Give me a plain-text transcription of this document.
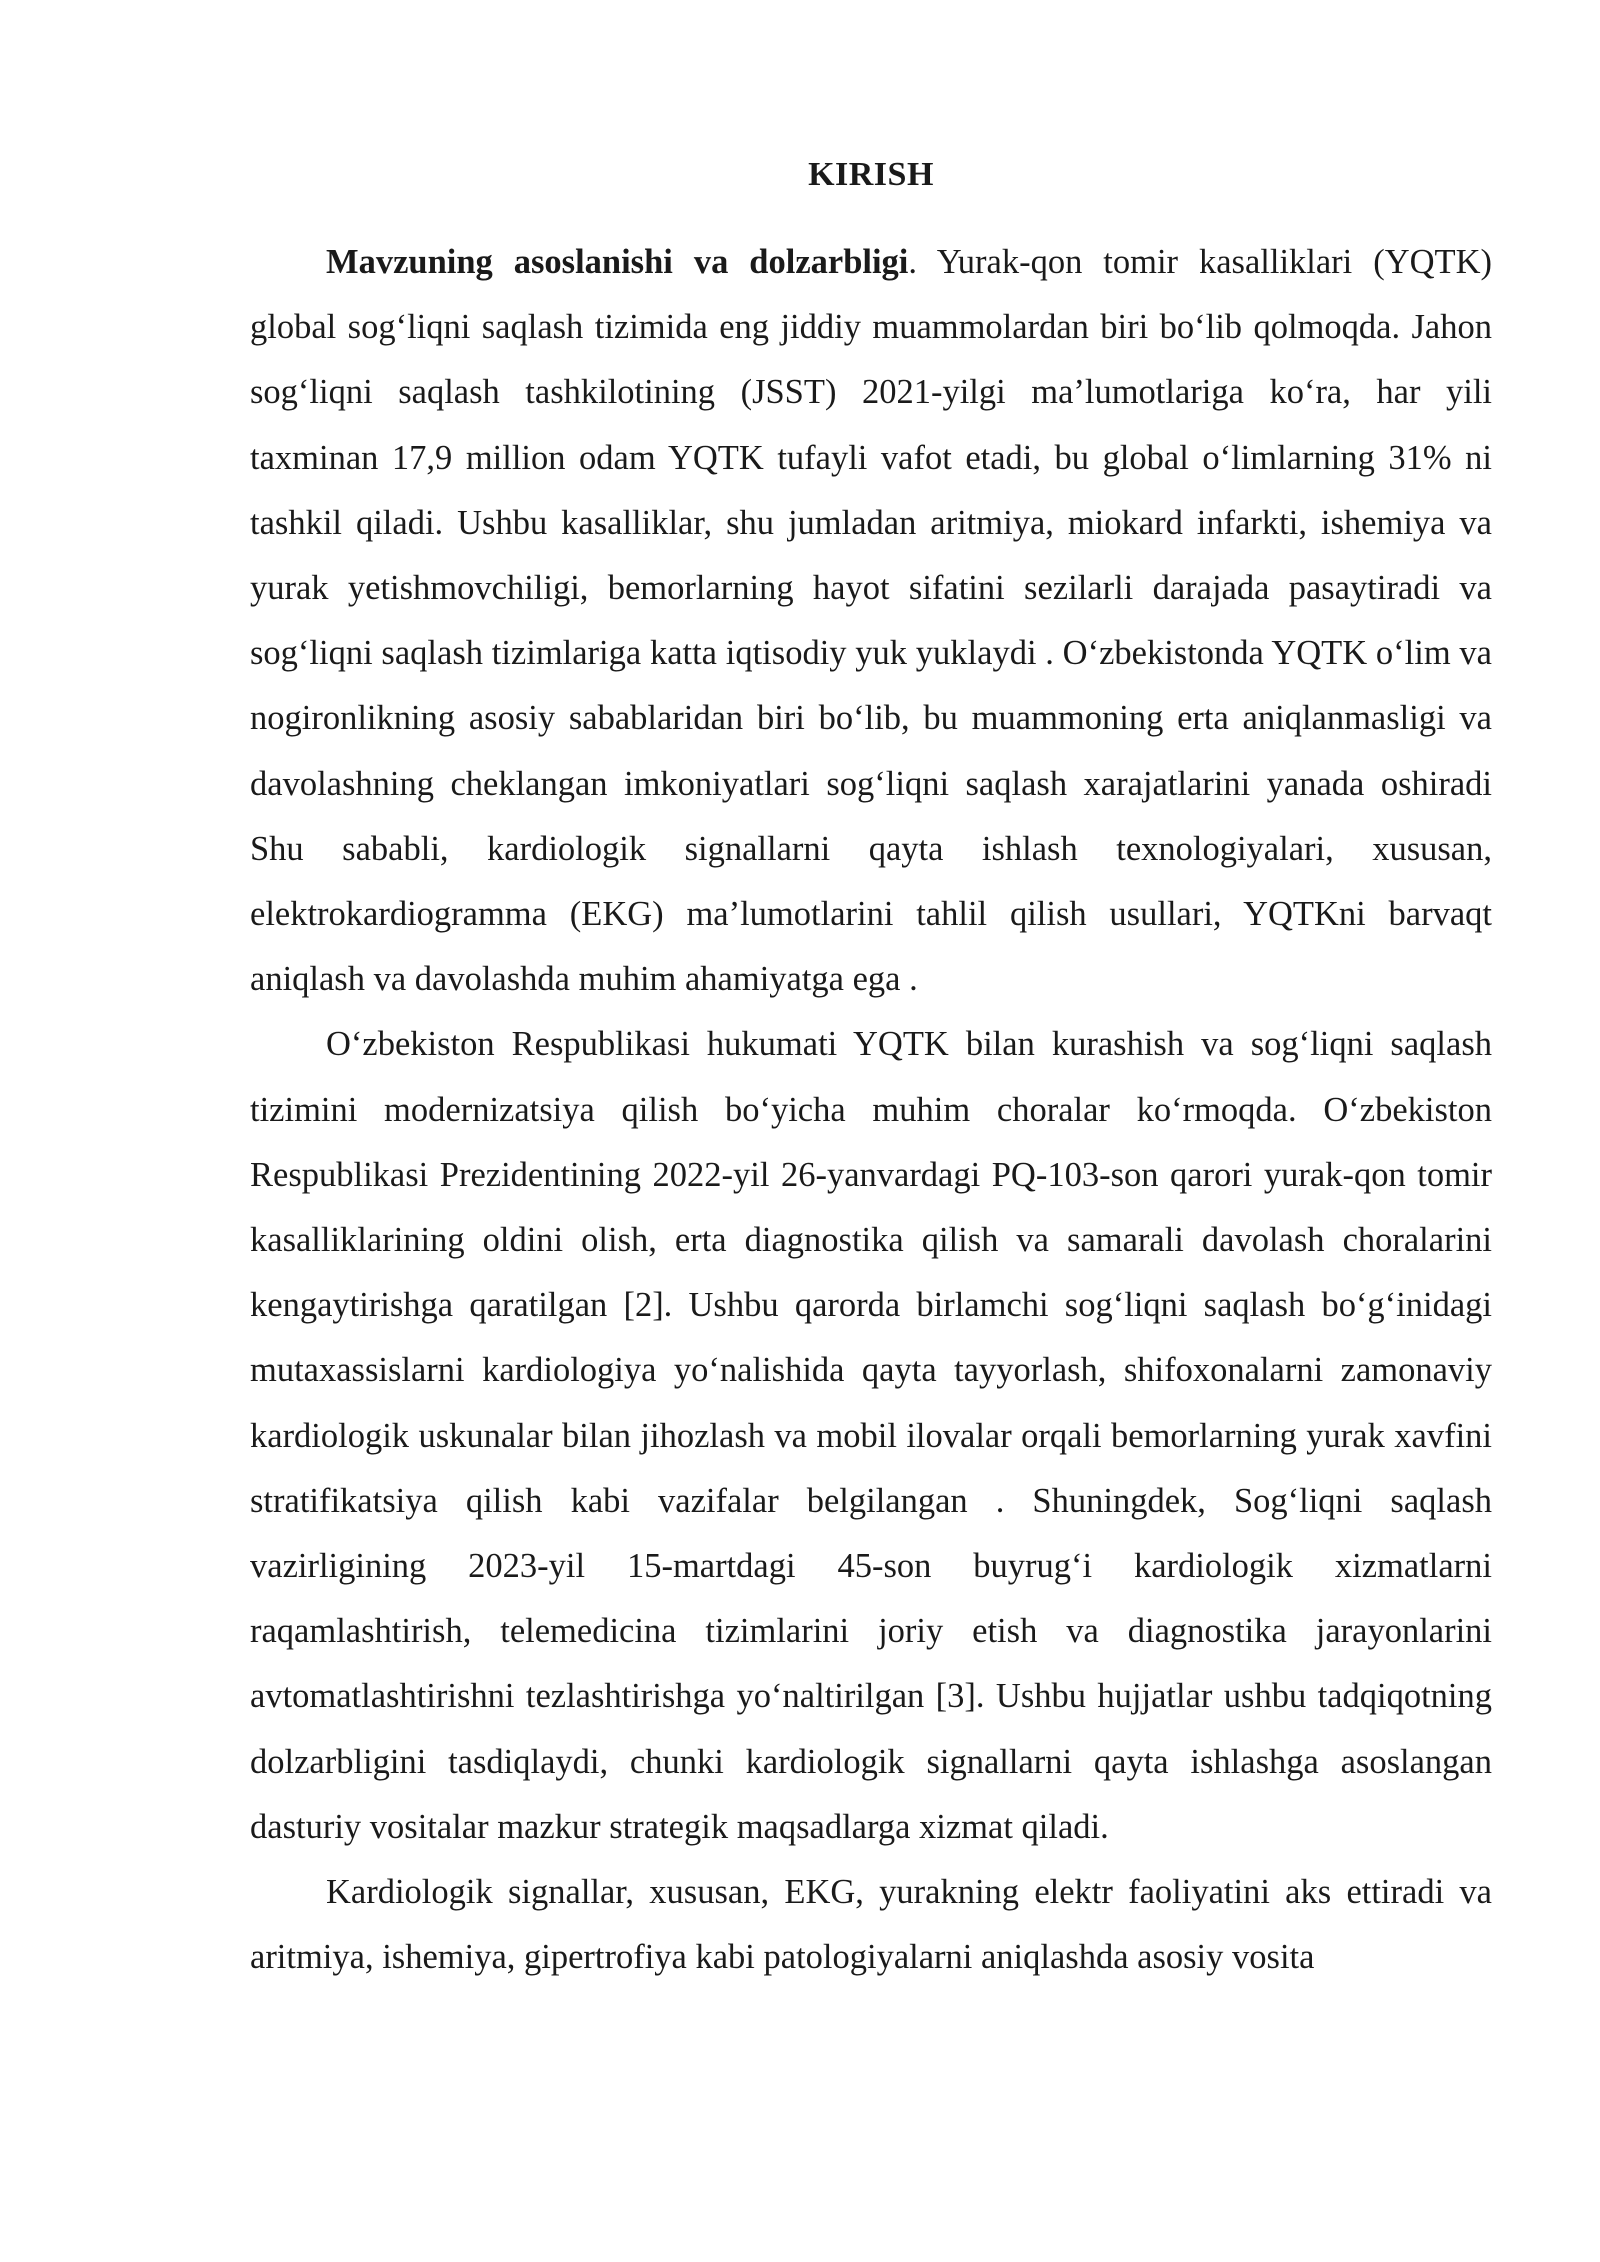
KIRISH

Mavzuning asoslanishi va dolzarbligi. Yurak-qon tomir kasalliklari (YQTK) global sog‘liqni saqlash tizimida eng jiddiy muammolardan biri bo‘lib qolmoqda. Jahon sog‘liqni saqlash tashkilotining (JSST) 2021-yilgi ma’lumotlariga ko‘ra, har yili taxminan 17,9 million odam YQTK tufayli vafot etadi, bu global o‘limlarning 31% ni tashkil qiladi. Ushbu kasalliklar, shu jumladan aritmiya, miokard infarkti, ishemiya va yurak yetishmovchiligi, bemorlarning hayot sifatini sezilarli darajada pasaytiradi va sog‘liqni saqlash tizimlariga katta iqtisodiy yuk yuklaydi . O‘zbekistonda YQTK o‘lim va nogironlikning asosiy sabablaridan biri bo‘lib, bu muammoning erta aniqlanmasligi va davolashning cheklangan imkoniyatlari sog‘liqni saqlash xarajatlarini yanada oshiradi Shu sababli, kardiologik signallarni qayta ishlash texnologiyalari, xususan, elektrokardiogramma (EKG) ma’lumotlarini tahlil qilish usullari, YQTKni barvaqt aniqlash va davolashda muhim ahamiyatga ega .

O‘zbekiston Respublikasi hukumati YQTK bilan kurashish va sog‘liqni saqlash tizimini modernizatsiya qilish bo‘yicha muhim choralar ko‘rmoqda. O‘zbekiston Respublikasi Prezidentining 2022-yil 26-yanvardagi PQ-103-son qarori yurak-qon tomir kasalliklarining oldini olish, erta diagnostika qilish va samarali davolash choralarini kengaytirishga qaratilgan [2]. Ushbu qarorda birlamchi sog‘liqni saqlash bo‘g‘inidagi mutaxassislarni kardiologiya yo‘nalishida qayta tayyorlash, shifoxonalarni zamonaviy kardiologik uskunalar bilan jihozlash va mobil ilovalar orqali bemorlarning yurak xavfini stratifikatsiya qilish kabi vazifalar belgilangan . Shuningdek, Sog‘liqni saqlash vazirligining 2023-yil 15-martdagi 45-son buyrug‘i kardiologik xizmatlarni raqamlashtirish, telemedicina tizimlarini joriy etish va diagnostika jarayonlarini avtomatlashtirishni tezlashtirishga yo‘naltirilgan [3]. Ushbu hujjatlar ushbu tadqiqotning dolzarbligini tasdiqlaydi, chunki kardiologik signallarni qayta ishlashga asoslangan dasturiy vositalar mazkur strategik maqsadlarga xizmat qiladi.

Kardiologik signallar, xususan, EKG, yurakning elektr faoliyatini aks ettiradi va aritmiya, ishemiya, gipertrofiya kabi patologiyalarni aniqlashda asosiy vosita
